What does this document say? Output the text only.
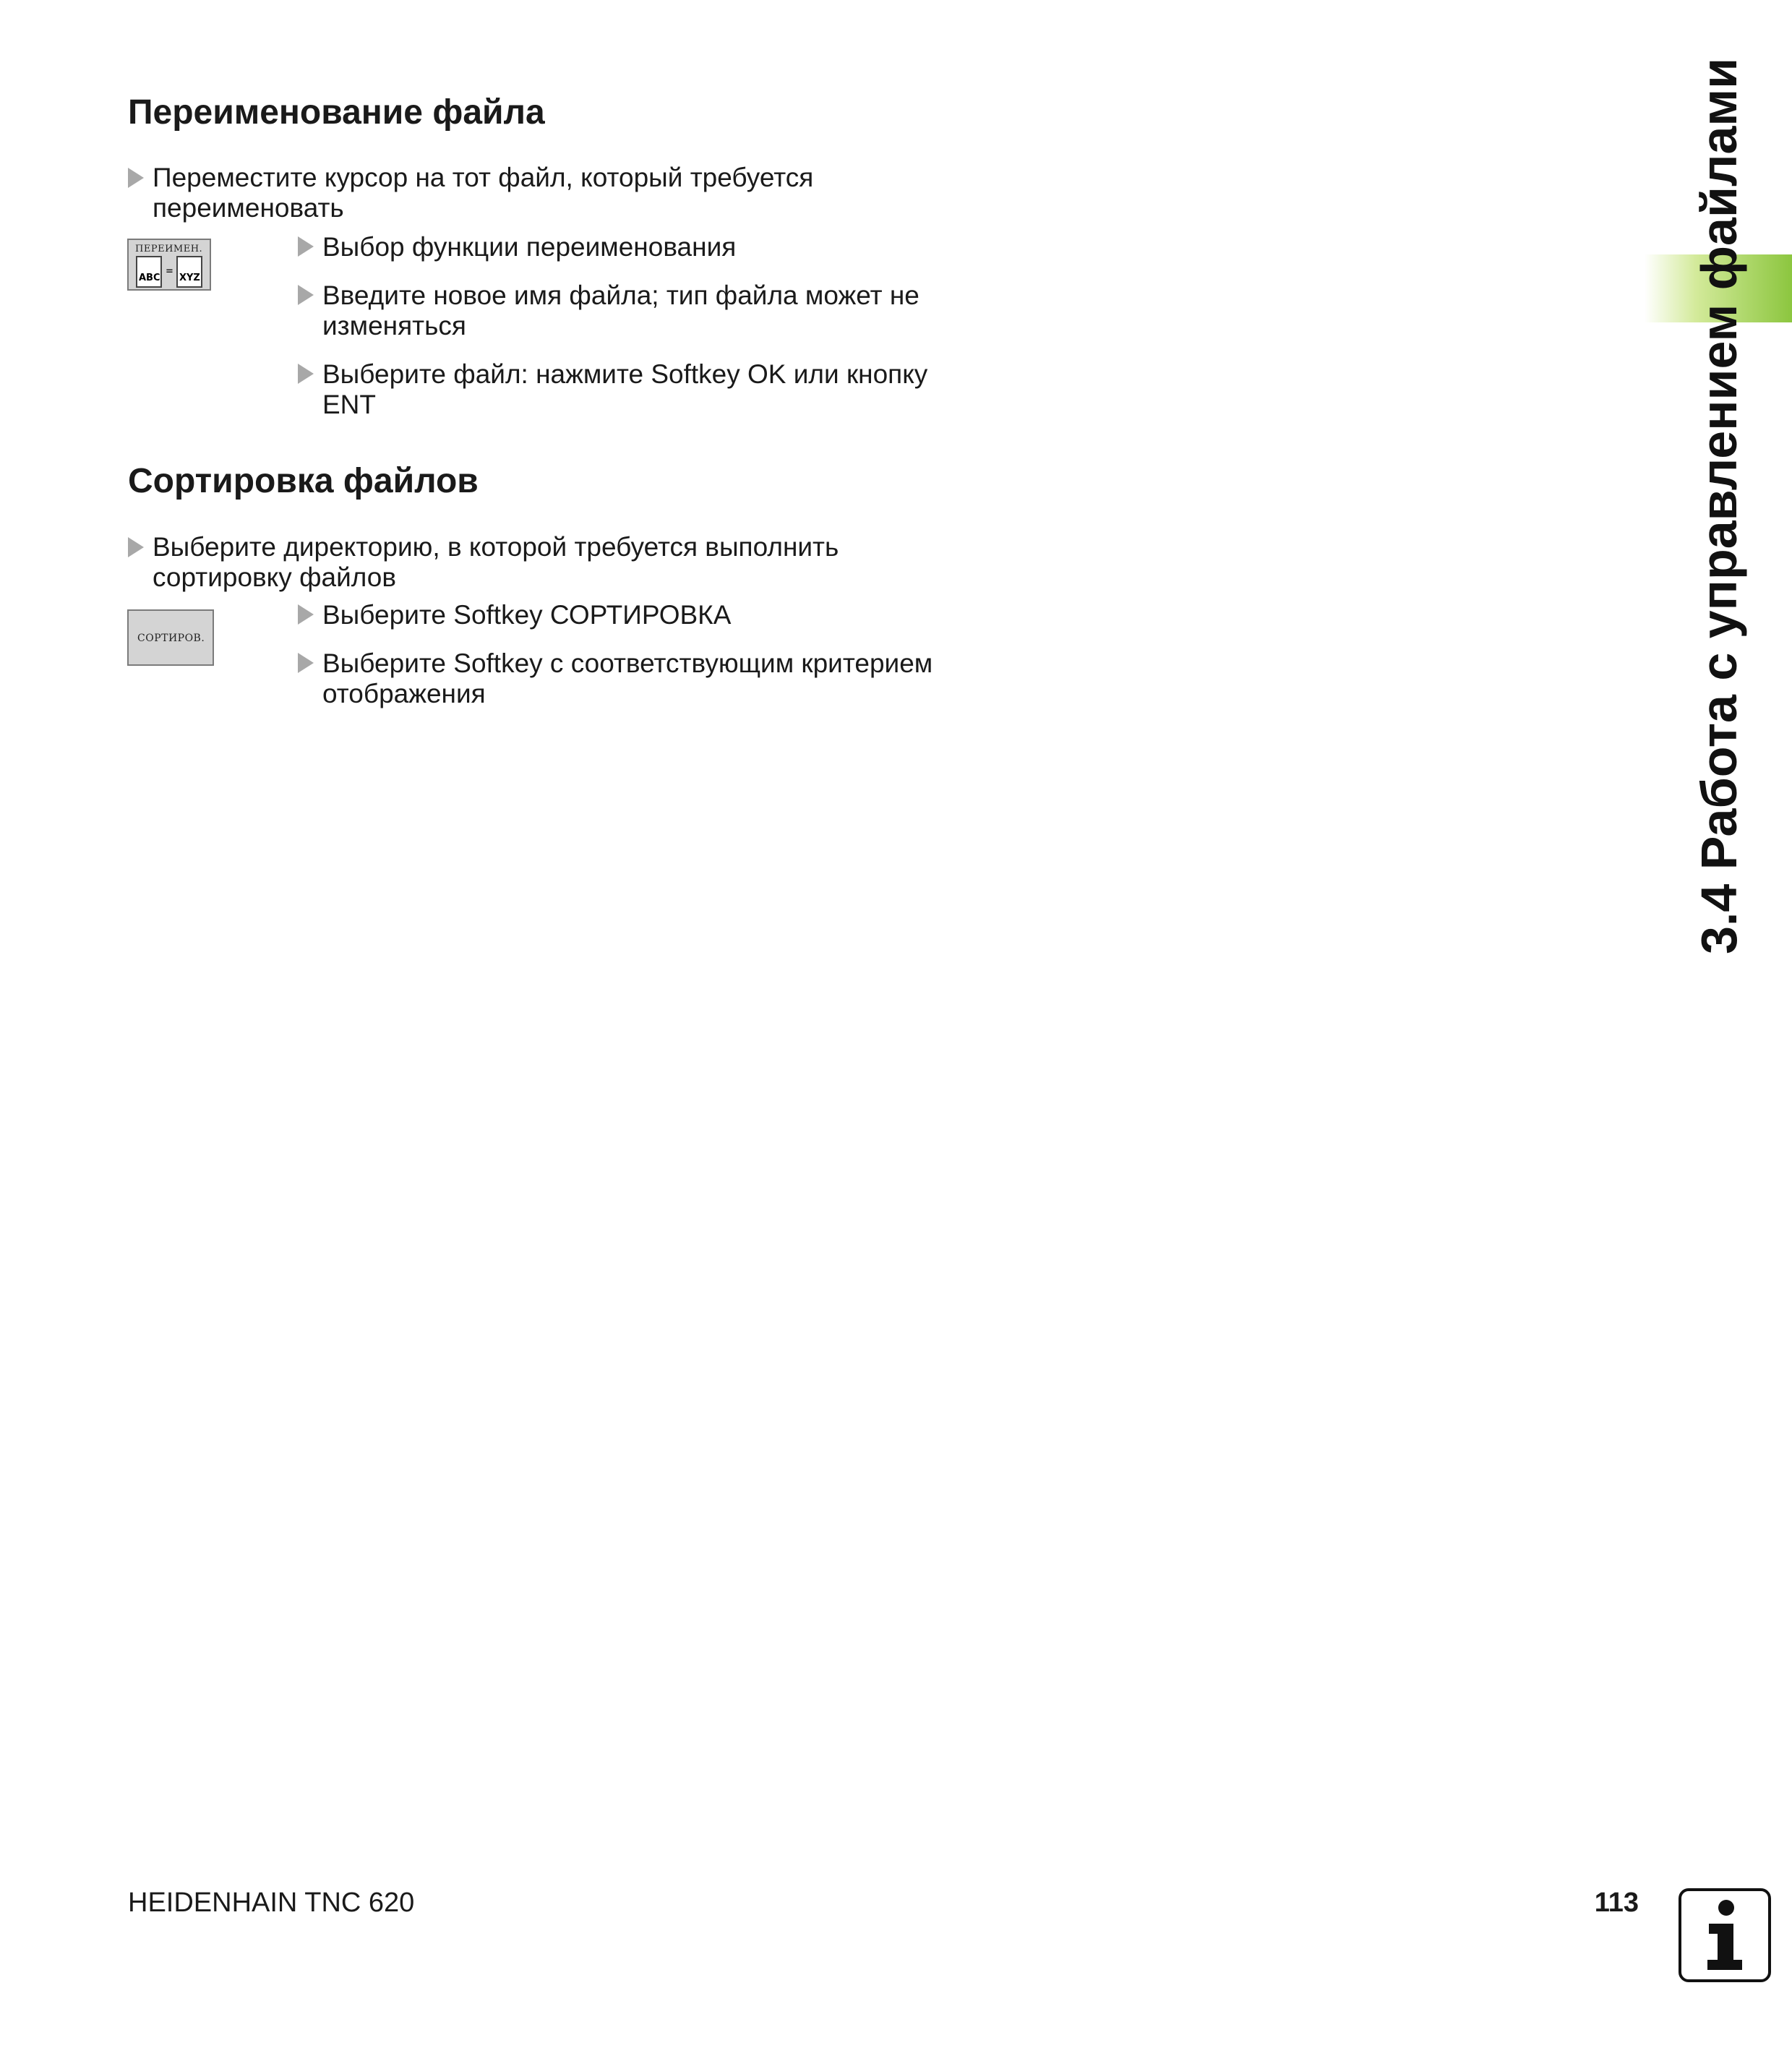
Переименование файла
Переместите курсор на тот файл, который требуется
переименовать
ПЕРЕИМЕН.
ABC
=
XYZ
Выбор функции переименования
Введите новое имя файла; тип файла может не
изменяться
Выберите файл: нажмите Softkey OK или кнопку
ENT
Сортировка файлов
Выберите директорию, в которой требуется выполнить
сортировку файлов
СОРТИРОВ.
Выберите Softkey СОРТИРОВКА
Выберите Softkey с соответствующим критерием
отображения	3.4 Работа с управлением файлами
HEIDENHAIN TNC 620	113
